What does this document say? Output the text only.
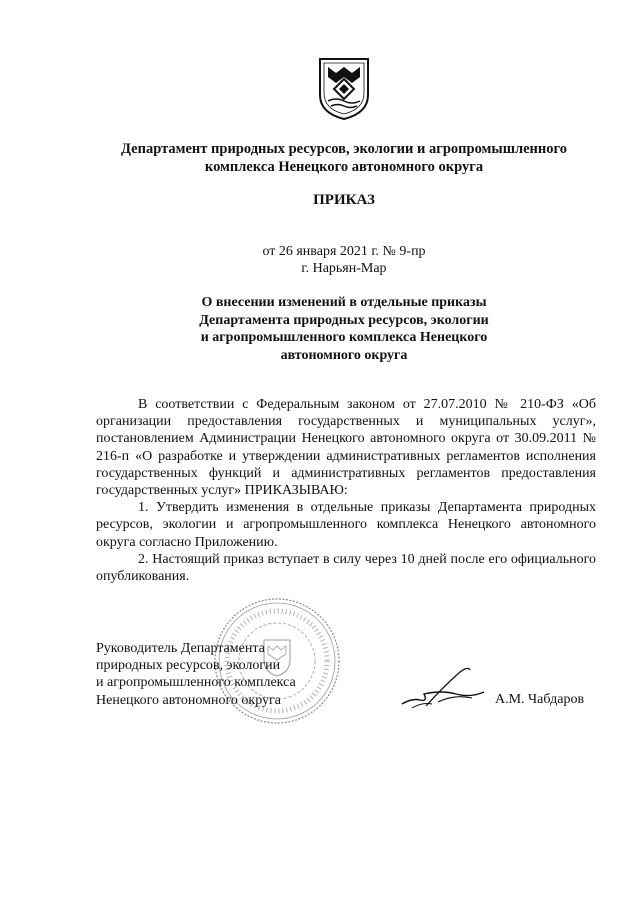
Департамент природных ресурсов, экологии и агропромышленного
комплекса Ненецкого автономного округа
ПРИКАЗ
от 26 января 2021 г. № 9-пр
г. Нарьян-Мар
О внесении изменений в отдельные приказы
Департамента природных ресурсов, экологии
и агропромышленного комплекса Ненецкого
автономного округа

В соответствии с Федеральным законом от 27.07.2010 № 210-ФЗ «Об организации предоставления государственных и муниципальных услуг», постановлением Администрации Ненецкого автономного округа от 30.09.2011 № 216-п «О разработке и утверждении административных регламентов исполнения государственных функций и административных регламентов предоставления государственных услуг» ПРИКАЗЫВАЮ:

1. Утвердить изменения в отдельные приказы Департамента природных ресурсов, экологии и агропромышленного комплекса Ненецкого автономного округа согласно Приложению.

2. Настоящий приказ вступает в силу через 10 дней после его официального опубликования.

Руководитель Департамента
природных ресурсов, экологии
и агропромышленного комплекса
Ненецкого автономного округа	А.М. Чабдаров
